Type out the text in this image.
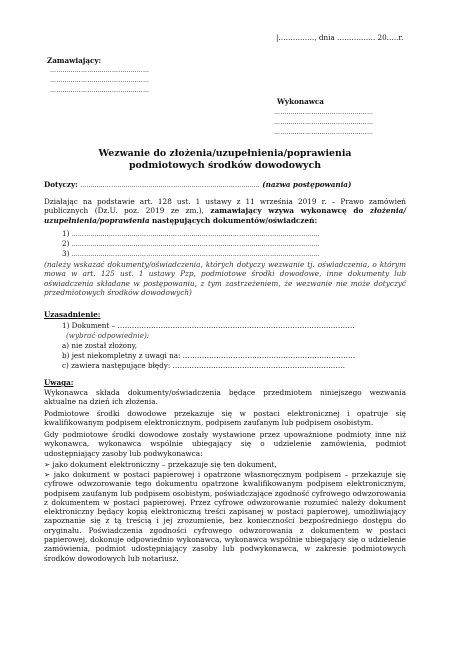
|……………, dnia ……………. 20…..r.
Zamawiający:
…………………………………………
…………………………………………
…………………………………………
Wykonawca
…………………………………………
…………………………………………
…………………………………………
Wezwanie do złożenia/uzupełnienia/poprawienia
podmiotowych środków dowodowych
Dotyczy: …………………………………………………………………………… (nazwa postępowania)
Działając na podstawie art. 128 ust. 1 ustawy z 11 września 2019 r. – Prawo zamówień publicznych (Dz.U. poz. 2019 ze zm.), zamawiający wzywa wykonawcę do złożenia/ uzupełnienia/poprawienia następujących dokumentów/oświadczeń:
1) …………………………………………………………………………………………………………
2) …………………………………………………………………………………………………………
3) …………………………………………………………………………………………………………
(należy wskazać dokumenty/oświadczenia, których dotyczy wezwanie tj. oświadczenia, o którym mowa w art. 125 ust. 1 ustawy Pzp, podmiotowe środki dowodowe, inne dokumenty lub oświadczenia składane w postępowaniu, z tym zastrzeżeniem, że wezwanie nie może dotyczyć przedmiotowych środków dowodowych)
Uzasadnienie:
1) Dokument – ………………………………………………………………………………………
(wybrać odpowiednie):
a) nie został złożony,
b) jest niekompletny z uwagi na: ………………………………………………………………
c) zawiera następujące błędy: ………………………………………………………………
Uwaga:
Wykonawca składa dokumenty/oświadczenia będące przedmiotem niniejszego wezwania aktualne na dzień ich złożenia.
Podmiotowe środki dowodowe przekazuje się w postaci elektronicznej i opatruje się kwalifikowanym podpisem elektronicznym, podpisem zaufanym lub podpisem osobistym.
Gdy podmiotowe środki dowodowe zostały wystawione przez upoważnione podmioty inne niż wykonawca, wykonawca wspólnie ubiegający się o udzielenie zamówienia, podmiot udostępniający zasoby lub podwykonawca:
➢ jako dokument elektroniczny – przekazuje się ten dokument,
➢ jako dokument w postaci papierowej i opatrzone własnoręcznym podpisem – przekazuje się cyfrowe odwzorowanie tego dokumentu opatrzone kwalifikowanym podpisem elektronicznym, podpisem zaufanym lub podpisem osobistym, poświadczające zgodność cyfrowego odwzorowania z dokumentem w postaci papierowej. Przez cyfrowe odwzorowanie rozumieć należy dokument elektroniczny będący kopią elektroniczną treści zapisanej w postaci papierowej, umożliwiający zapoznanie się z tą treścią i jej zrozumienie, bez konieczności bezpośredniego dostępu do oryginału. Poświadczenia zgodności cyfrowego odwzorowania z dokumentem w postaci papierowej, dokonuje odpowiednio wykonawca, wykonawca wspólnie ubiegający się o udzielenie zamówienia, podmiot udostępniający zasoby lub podwykonawca, w zakresie podmiotowych środków dowodowych lub notariusz.
